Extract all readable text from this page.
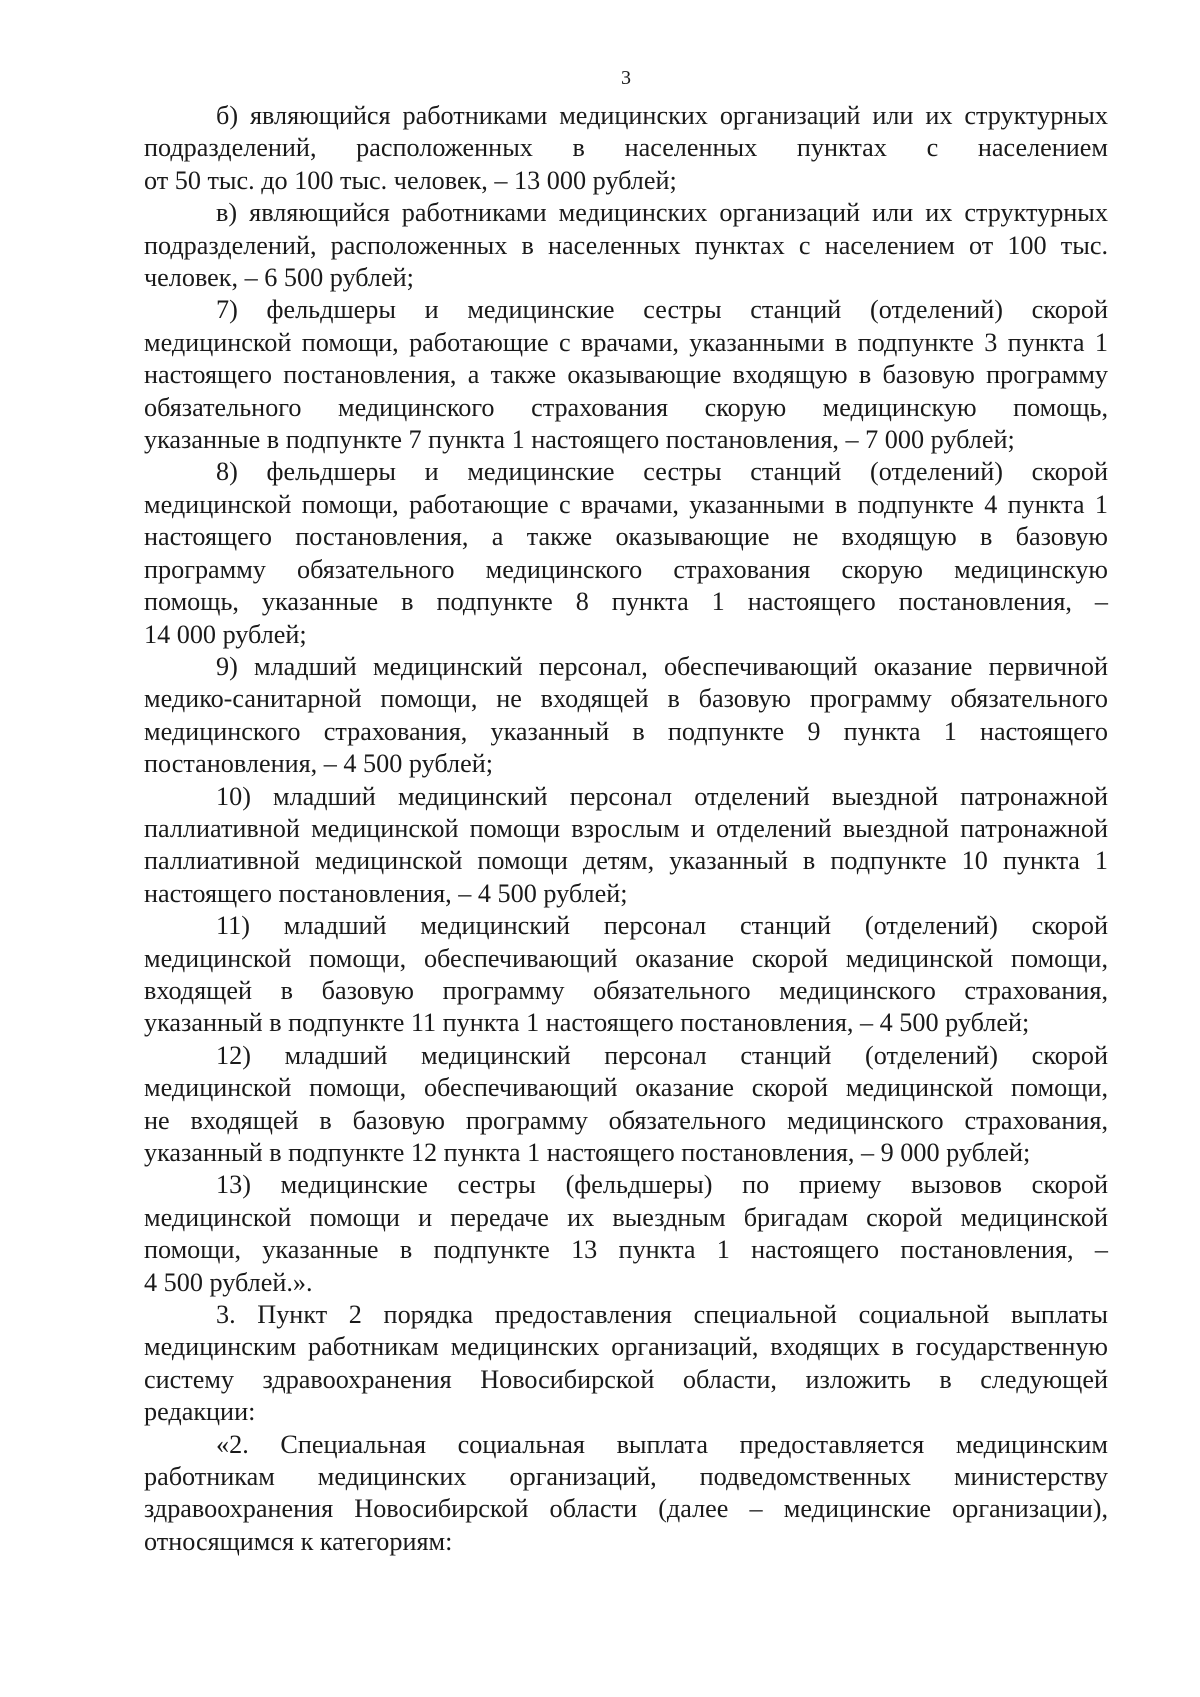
3
б) являющийся работниками медицинских организаций или их структурных
подразделений, расположенных в населенных пунктах с населением
от 50 тыс. до 100 тыс. человек, – 13 000 рублей;
в) являющийся работниками медицинских организаций или их структурных
подразделений, расположенных в населенных пунктах с населением от 100 тыс.
человек, – 6 500 рублей;
7) фельдшеры и медицинские сестры станций (отделений) скорой
медицинской помощи, работающие с врачами, указанными в подпункте 3 пункта 1
настоящего постановления, а также оказывающие входящую в базовую программу
обязательного медицинского страхования скорую медицинскую помощь,
указанные в подпункте 7 пункта 1 настоящего постановления, – 7 000 рублей;
8) фельдшеры и медицинские сестры станций (отделений) скорой
медицинской помощи, работающие с врачами, указанными в подпункте 4 пункта 1
настоящего постановления, а также оказывающие не входящую в базовую
программу обязательного медицинского страхования скорую медицинскую
помощь, указанные в подпункте 8 пункта 1 настоящего постановления, –
14 000 рублей;
9) младший медицинский персонал, обеспечивающий оказание первичной
медико-санитарной помощи, не входящей в базовую программу обязательного
медицинского страхования, указанный в подпункте 9 пункта 1 настоящего
постановления, – 4 500 рублей;
10) младший медицинский персонал отделений выездной патронажной
паллиативной медицинской помощи взрослым и отделений выездной патронажной
паллиативной медицинской помощи детям, указанный в подпункте 10 пункта 1
настоящего постановления, – 4 500 рублей;
11) младший медицинский персонал станций (отделений) скорой
медицинской помощи, обеспечивающий оказание скорой медицинской помощи,
входящей в базовую программу обязательного медицинского страхования,
указанный в подпункте 11 пункта 1 настоящего постановления, – 4 500 рублей;
12) младший медицинский персонал станций (отделений) скорой
медицинской помощи, обеспечивающий оказание скорой медицинской помощи,
не входящей в базовую программу обязательного медицинского страхования,
указанный в подпункте 12 пункта 1 настоящего постановления, – 9 000 рублей;
13) медицинские сестры (фельдшеры) по приему вызовов скорой
медицинской помощи и передаче их выездным бригадам скорой медицинской
помощи, указанные в подпункте 13 пункта 1 настоящего постановления, –
4 500 рублей.».
3. Пункт 2 порядка предоставления специальной социальной выплаты
медицинским работникам медицинских организаций, входящих в государственную
систему здравоохранения Новосибирской области, изложить в следующей
редакции:
«2. Специальная социальная выплата предоставляется медицинским
работникам медицинских организаций, подведомственных министерству
здравоохранения Новосибирской области (далее – медицинские организации),
относящимся к категориям:
